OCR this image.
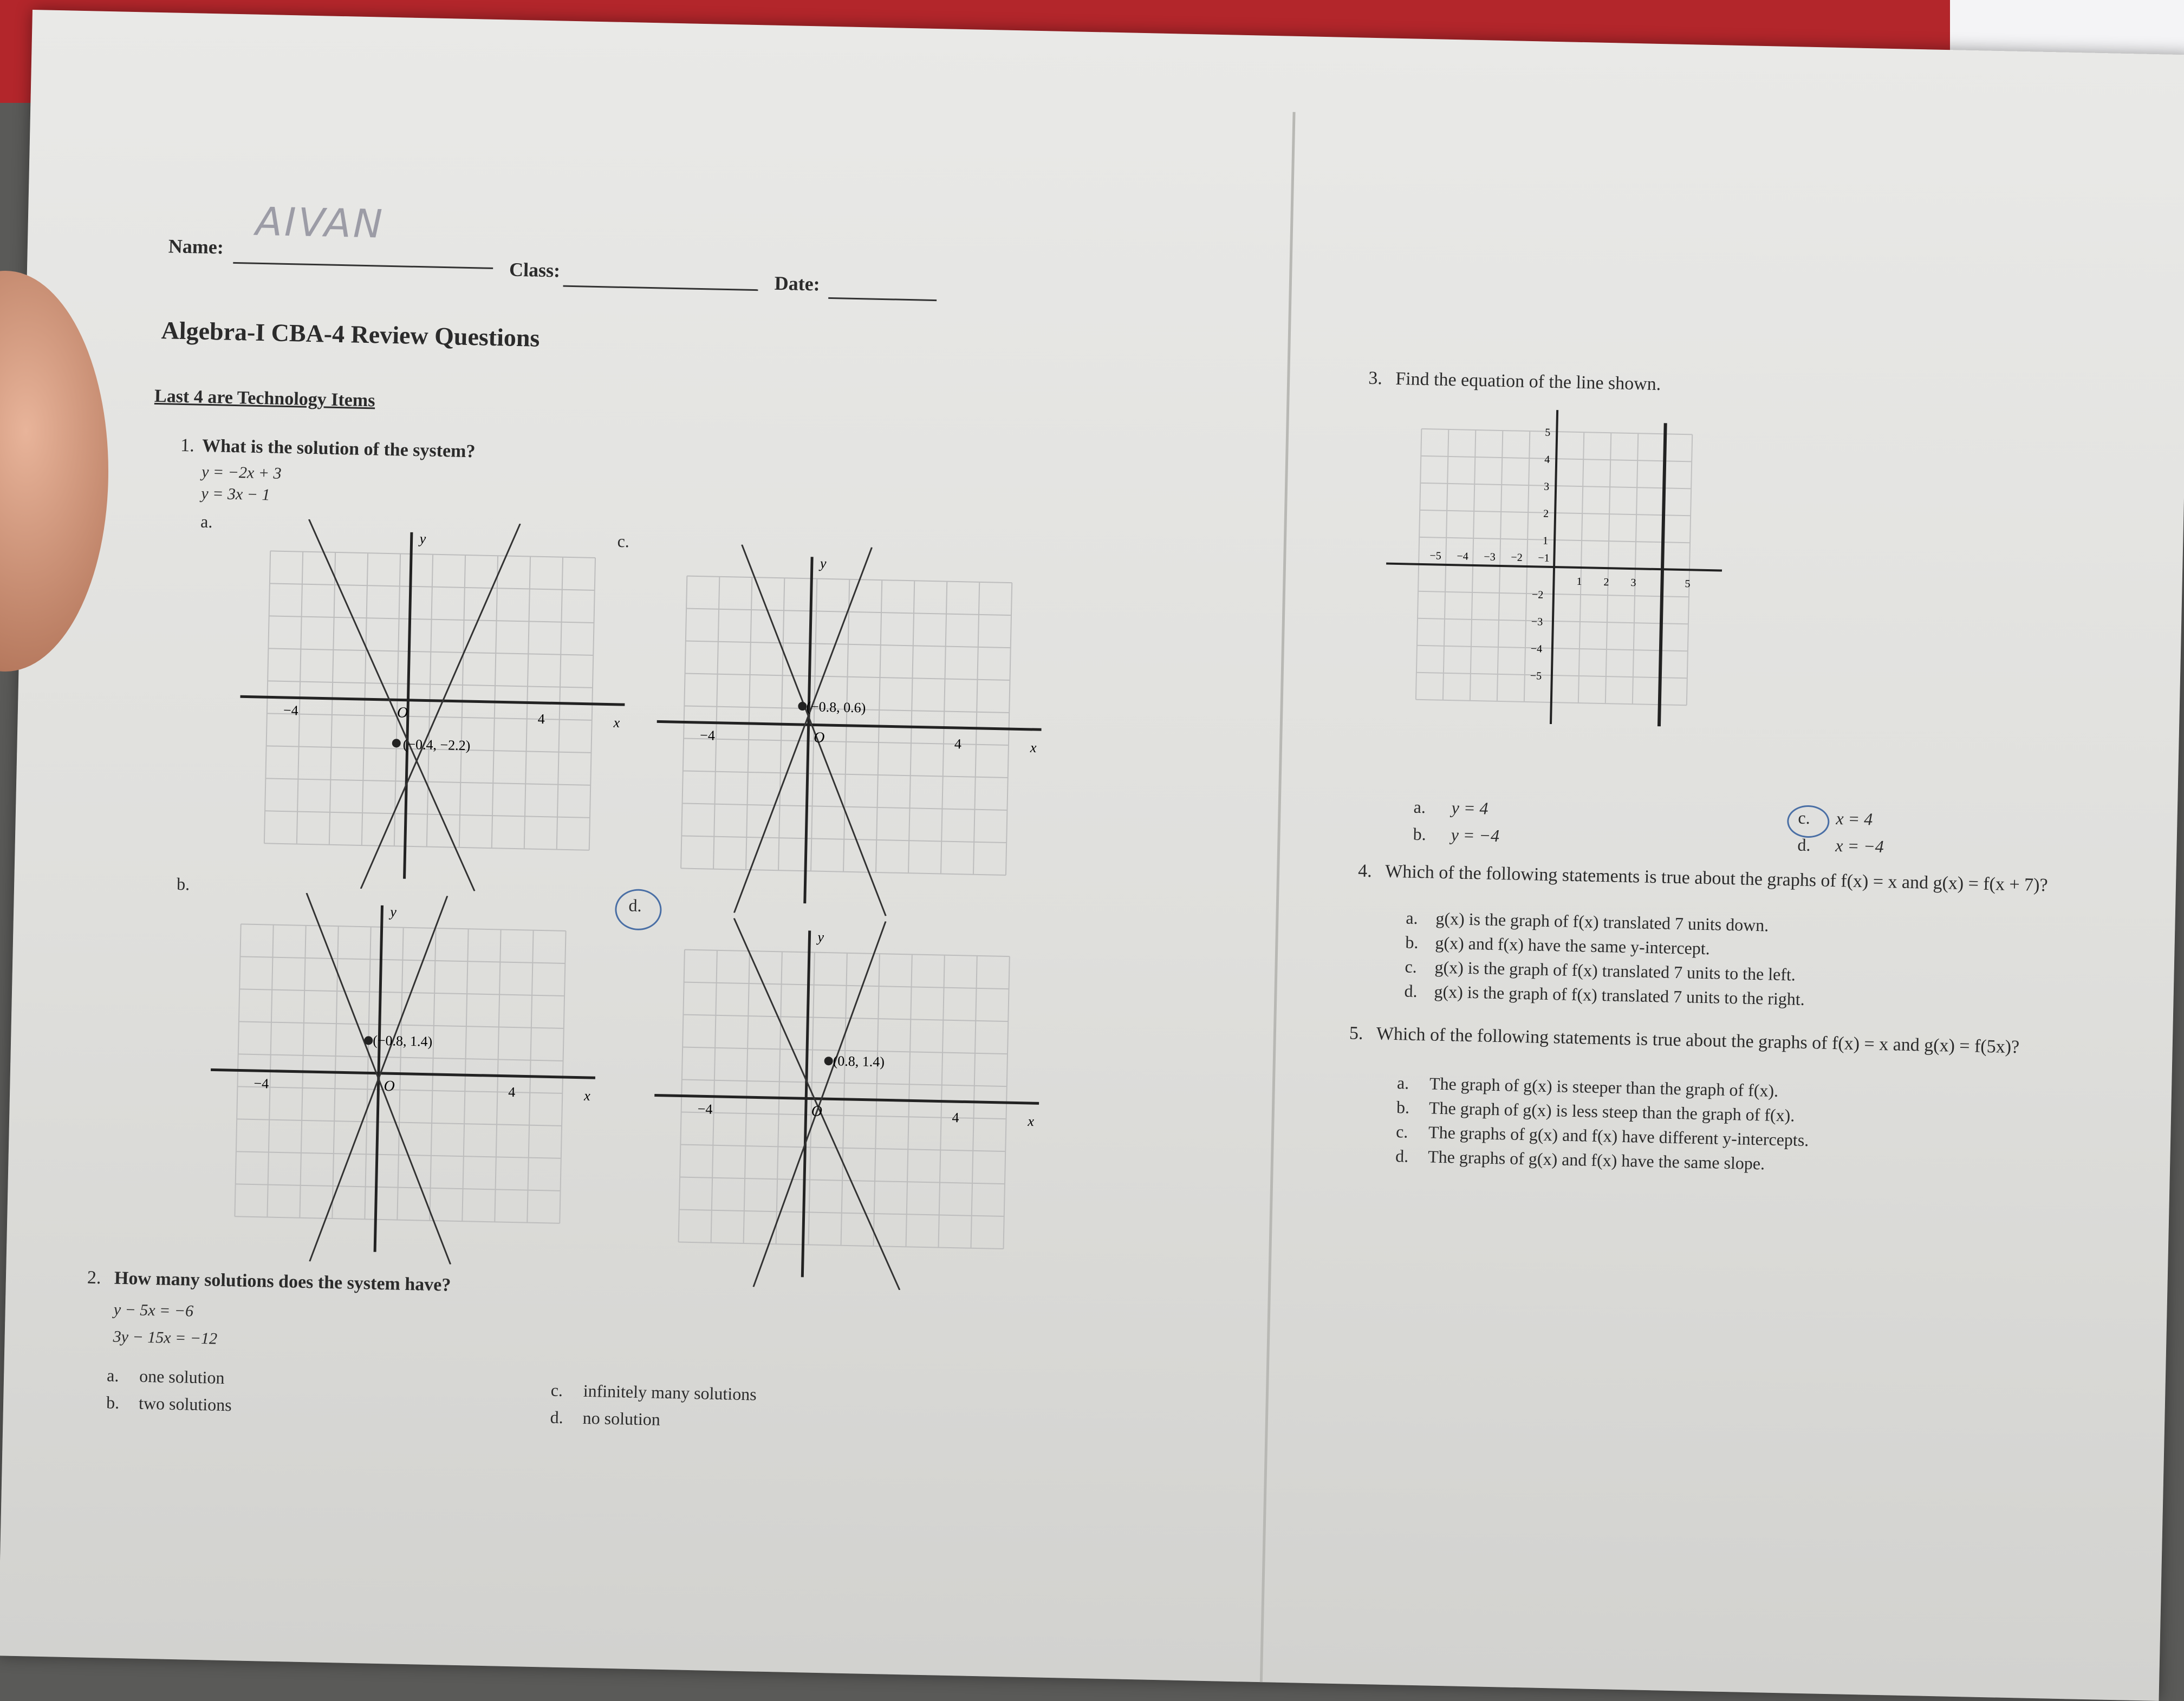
Name: AIVAN
Class:
Date:
Algebra-I CBA-4 Review Questions
Last 4 are Technology Items
1. What is the solution of the system?
y = −2x + 3
y = 3x − 1
a.
(−0.4, −2.2)
O	4
−4
x
y	c.
(−0.8, 0.6)
O	4
−4
x
y
b.
(−0.8, 1.4)
O	4
−4
x
y	d.
(0.8, 1.4)
O	4
−4
x
y
2. How many solutions does the system have?
y − 5x = −6
3y − 15x = −12
a. one solution
b. two solutions
c. infinitely many solutions
d. no solution
3. Find the equation of the line shown.
1 2 3	5
−1
−2
−3
−4
−5
1
2
3
4
5
−2
−3
−4
−5
a. y = 4
b. y = −4
c. x = 4
d. x = −4
4. Which of the following statements is true about the graphs of f(x) = x and g(x) = f(x + 7)?
a. g(x) is the graph of f(x) translated 7 units down.
b. g(x) and f(x) have the same y-intercept.
c. g(x) is the graph of f(x) translated 7 units to the left.
d. g(x) is the graph of f(x) translated 7 units to the right.
5. Which of the following statements is true about the graphs of f(x) = x and g(x) = f(5x)?
a. The graph of g(x) is steeper than the graph of f(x).
b. The graph of g(x) is less steep than the graph of f(x).
c. The graphs of g(x) and f(x) have different y-intercepts.
d. The graphs of g(x) and f(x) have the same slope.
